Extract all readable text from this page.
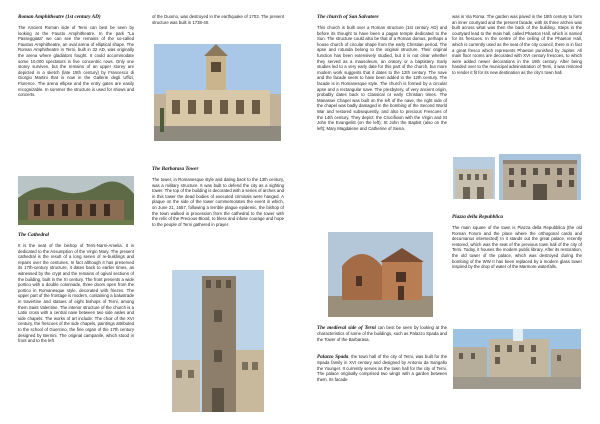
Roman Amphitheatre (1st century AD)

The Ancient Roman side of Terni can best be seen by looking at the Fausto Amphitheatre. In the park "La Passeggiata" we can see the remains of the so-called Faustus Amphitheatre, an oval arena of elliptical shape. The Roman Amphitheatre in Terni, built in 32 AD, was originally the arena where gladiators fought. It could accommodate some 10,000 spectators in five concentric rows. Only one storey survives, but the remains of an upper storey are depicted in a sketch (late 15th century) by Francesco di Giorgio Martini that is now in the Gallerie degli Uffizi, Florence. The arena ellipse and the entry gates are easily recognizable. In summer the structure is used for shows and concerts.

The Cathedral

It is the seat of the bishop of Terni-Narni-Amelia. It is dedicated to the Assumption of the Virgin Mary. The present cathedral is the result of a long series of re-buildings and repairs over the centuries. In fact although it has preserved its 17th-century structure, it dates back to earlier times, as witnessed by the crypt and the remains of ogival sections of the building, built in the XI century. The front presents a wide portico with a double colonnade, three doors open from the portico in Romanesque style, decorated with friezes. The upper part of the frontage is modern, containing a balustrade in travertine and statues of eight bishops of Terni, among them Saint Valentine. The interior structure of the church is a Latin cross with a central nave between two side aisles and side chapels. The works of art include: The choir of the XVI century, the frescoes of the side chapels, paintings attributed to the school of Guercino, the fine organ of the 17th century designed by Bernini. The original campanile, which stood in front and to the left

of the Duomo, was destroyed in the earthquake of 1703. The present structure was built in 1738-40.

The Barbarasa Tower

The tower, in Romanesque style and dating back to the 13th century, was a military structure. It was built to defend the city as a sighting tower. The top of the building is decorated with a series of arches and in this tower the dead bodies of executed criminals were hanged. A plaque on the side of the tower commemorates the event in which, on June 21, 1657, following a terrible plague epidemic, the bishop of the town walked in procession from the cathedral to the tower with the relic of the Precious Blood, to bless and infuse courage and hope to the people of Terni gathered in prayer.

The church of San Salvatore

This church is built over a Roman structure (1st century AD) and before its thought to have been a pagan temple dedicated to the Sun. The structure could also be that of a Roman domus, perhaps a house church of circular shape from the early Christian period. The apse and rotunda belong to the original structure. Their original function has been extensively studied, but it is not clear whether they served as a mausoleum, an oratory or a baptistery. Early studies led to a very early date for this part of the church, but more modern work suggests that it dates to the 12th century. The nave and the facade seem to have been added in the 12th century. The facade is in Romanesque style. The church is formed by a circular apse and a rectangular nave. The presbytery, of very ancient origin, probably dates back to Classical or early Christian times. The Manassei Chapel was built on the left of the nave, the right side of the chapel was badly damaged in the bombing of the Second World War and restored subsequently, and also to precious Frescoes of the 14th century. They depict: the Crucifixion with the Virgin and St John the Evangelist (on the left); St John the Baptist (also on the left); Mary Magdalene and Catherine of Siena.

The medieval side of Terni can best be seen by looking at the characteristics of some of the buildings, such as Palazzo Spada and the Tower of the Barbarasa.

Palazzo Spada, the town hall of the city of Terni, was built for the Spada family in XVI century and designed by Antonio da Sangallo the Younger. It currently serves as the town hall for the city of Terni. The palace originally comprised two wings with a garden between them. Its facade

was in Via Roma. The garden was paved in the 18th century to form an inner courtyard and the present facade, with its three arches was built across what was then the back of the building. Steps in the courtyard lead to the main hall, called Phaeton Hall, which is named for its frescoes. In the centre of the ceiling of the Phaeton Hall, which is currently used as the seat of the city council, there is in fact a great fresco which represents Phaeton punished by Jupiter. All main floor rooms are decorated with XVI century frescoes, to which were added newer decorations in the 19th century. After being handed over to the municipal administration of Terni, it was restored to render it fit for its new destination as the city's town hall.

Piazza della Repubblica

The main square of the town is Piazza della Repubblica (the old Roman Forum and the place where the orthogonal cardo and decumanus intersected) In it stands out the great palace, recently restored, which was the seat of the previous town hall of the city of Terni. Today, it houses the modern public library. After its restoration, the old tower of the palace, which was destroyed during the bombing of the WW II has been replaced by a modern glass tower inspired by the drop of water of the Marmore waterfalls.
